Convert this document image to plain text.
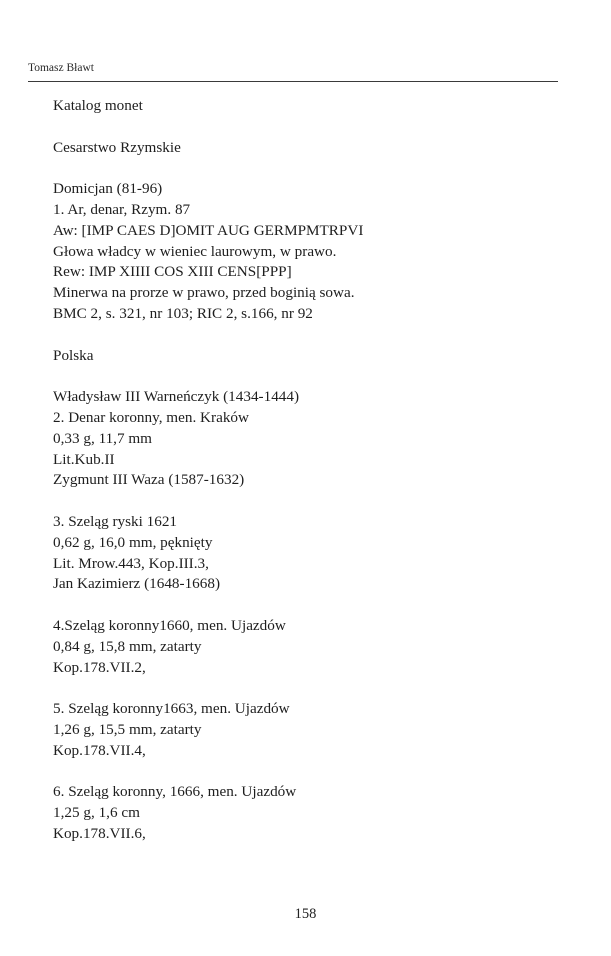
Tomasz Bławt
Katalog monet
Cesarstwo Rzymskie
Domicjan (81-96)
1. Ar, denar, Rzym. 87
Aw: [IMP CAES D]OMIT AUG GERMPMTRPVI
Głowa władcy w wieniec laurowym, w prawo.
Rew: IMP XIIII COS XIII CENS[PPP]
Minerwa na prorze w prawo, przed boginią sowa.
BMC 2, s. 321, nr 103; RIC 2, s.166, nr 92
Polska
Władysław III Warneńczyk (1434-1444)
2. Denar koronny, men. Kraków
0,33 g, 11,7 mm
Lit.Kub.II
Zygmunt III Waza (1587-1632)
3. Szeląg ryski 1621
0,62 g, 16,0 mm, pęknięty
Lit. Mrow.443, Kop.III.3,
Jan Kazimierz (1648-1668)
4.Szeląg koronny1660, men. Ujazdów
0,84 g, 15,8 mm, zatarty
Kop.178.VII.2,
5. Szeląg koronny1663, men. Ujazdów
1,26 g, 15,5 mm, zatarty
Kop.178.VII.4,
6. Szeląg koronny, 1666, men. Ujazdów
1,25 g, 1,6 cm
Kop.178.VII.6,
158
